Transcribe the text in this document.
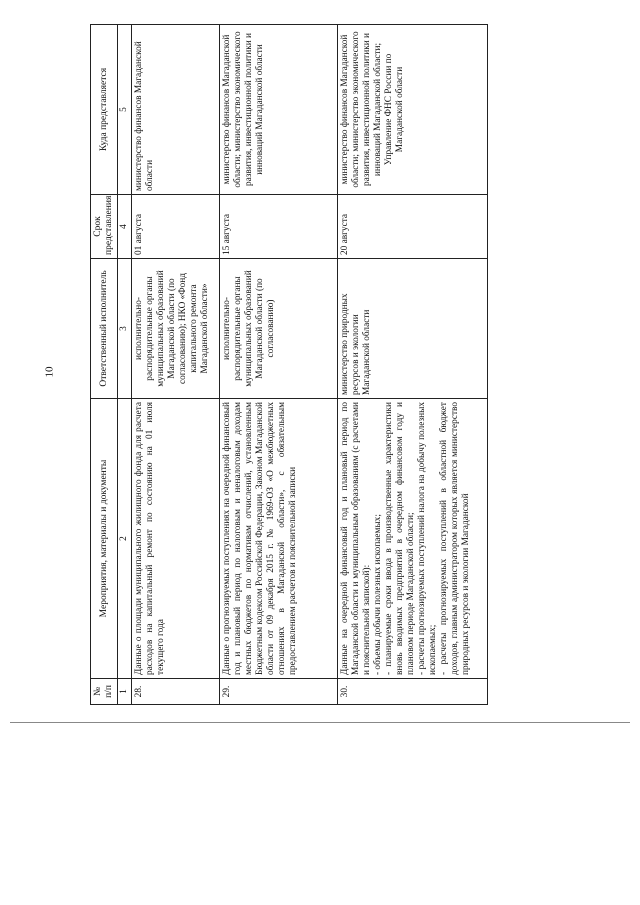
10
№ п/п	Мероприятия, материалы и документы	Ответственный исполнитель	Срок представления	Куда представляется
1	2	3	4	5
28.	Данные о площади муниципального жилищного фонда для расчета расходов на капитальный ремонт по состоянию на 01 июля текущего года	исполнительно-распорядительные органы муниципальных образований Магаданской области (по согласованию); НКО «Фонд капитального ремонта Магаданской области»	01 августа	министерство финансов Магаданской области
29.	Данные о прогнозируемых поступлениях на очередной финансовый год и плановый период по налоговым и неналоговым доходам местных бюджетов по нормативам отчислений, установленным Бюджетным кодексом Российской Федерации, Законом Магаданской области от 09 декабря 2015 г. № 1969-ОЗ «О межбюджетных отношениях в Магаданской области», с обязательным предоставлением расчетов и пояснительной записки	исполнительно-распорядительные органы муниципальных образований Магаданской области (по согласованию)	15 августа	министерство финансов Магаданской области; министерство экономического развития, инвестиционной политики и инноваций Магаданской области
30.	Данные на очередной финансовый год и плановый период по Магаданской области и муниципальным образованиям (с расчетами и пояснительной запиской): - объемы добычи полезных ископаемых; - планируемые сроки ввода в производственные характеристики вновь вводимых предприятий в очередном финансовом году и плановом периоде Магаданской области; - расчеты прогнозируемых поступлений налога на добычу полезных ископаемых; - расчеты прогнозируемых поступлений в областной бюджет доходов, главным администратором которых является министерство природных ресурсов и экологии Магаданской	министерство природных ресурсов и экологии Магаданской области	20 августа	министерство финансов Магаданской области; министерство экономического развития, инвестиционной политики и инноваций Магаданской области; Управление ФНС России по Магаданской области
